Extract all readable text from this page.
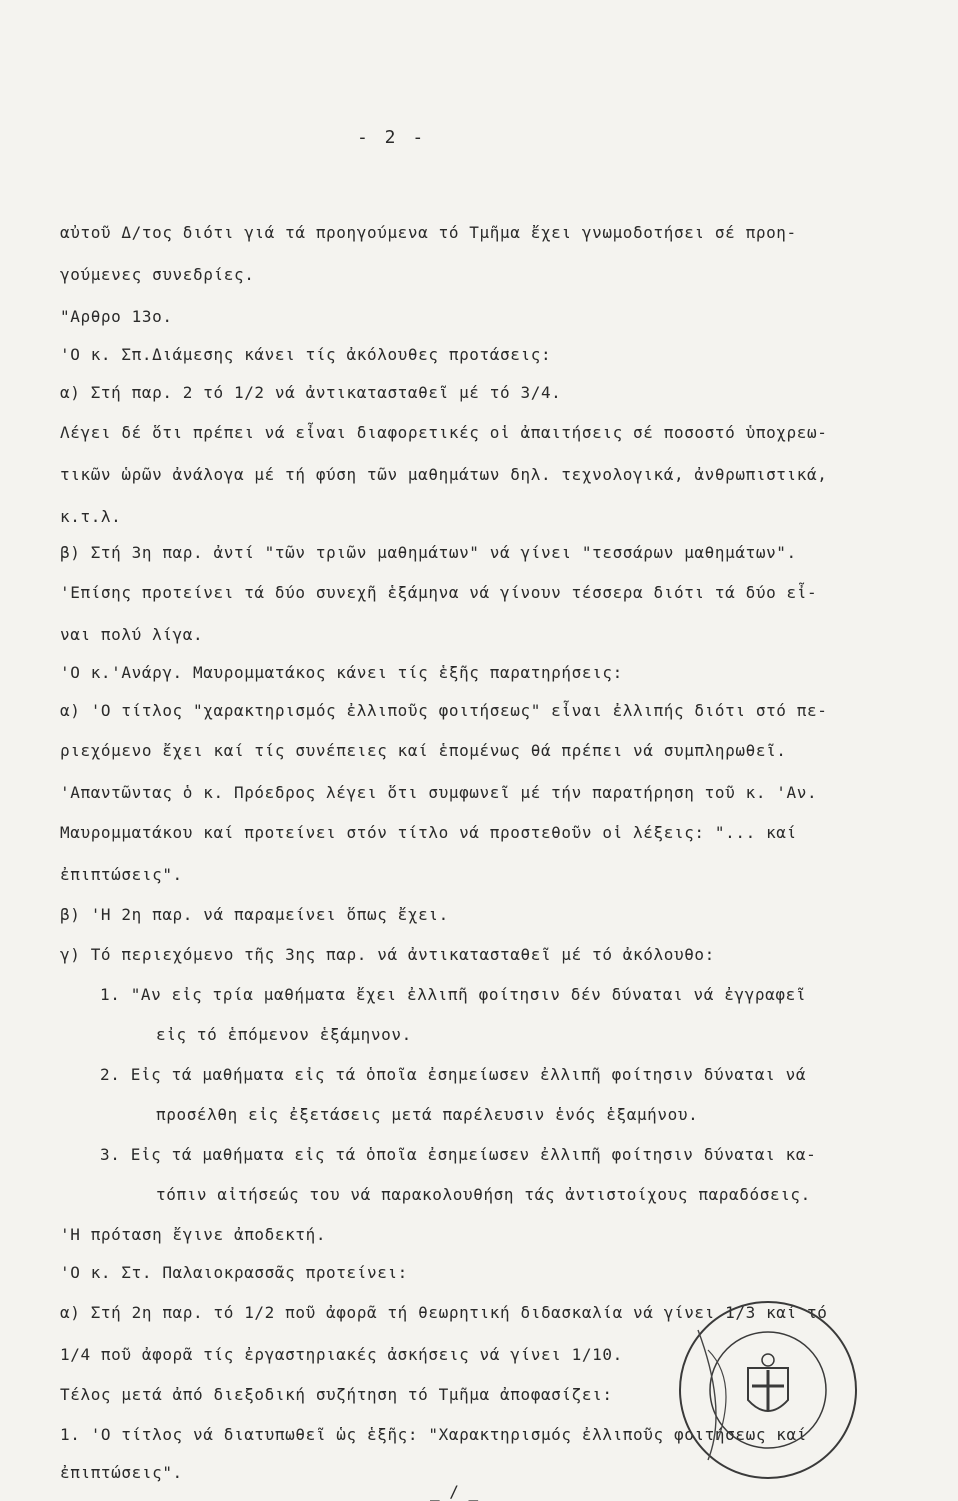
- 2 -
αὐτοῦ Δ/τος διότι γιά τά προηγούμενα τό Τμῆμα ἔχει γνωμοδοτήσει σέ προη-
γούμενες συνεδρίες.
"Αρθρο 13ο.
'Ο κ. Σπ.Διάμεσης κάνει τίς ἀκόλουθες προτάσεις:
α) Στή παρ. 2 τό 1/2 νά ἀντικατασταθεῖ μέ τό 3/4.
Λέγει δέ ὅτι πρέπει νά εἶναι διαφορετικές οἱ ἀπαιτήσεις σέ ποσοστό ὑποχρεω-
τικῶν ὡρῶν ἀνάλογα μέ τή φύση τῶν μαθημάτων δηλ. τεχνολογικά, ἀνθρωπιστικά,
κ.τ.λ.
β) Στή 3η παρ. ἀντί "τῶν τριῶν μαθημάτων" νά γίνει "τεσσάρων μαθημάτων".
'Επίσης προτείνει τά δύο συνεχῆ ἑξάμηνα νά γίνουν τέσσερα διότι τά δύο εἶ-
ναι πολύ λίγα.
'Ο κ.'Ανάργ. Μαυρομματάκος κάνει τίς ἑξῆς παρατηρήσεις:
α) 'Ο τίτλος "χαρακτηρισμός ἐλλιποῦς φοιτήσεως" εἶναι ἐλλιπής διότι στό πε-
ριεχόμενο ἔχει καί τίς συνέπειες καί ἑπομένως θά πρέπει νά συμπληρωθεῖ.
'Απαντῶντας ὁ κ. Πρόεδρος λέγει ὅτι συμφωνεῖ μέ τήν παρατήρηση τοῦ κ. 'Αν.
Μαυρομματάκου καί προτείνει στόν τίτλο νά προστεθοῦν οἱ λέξεις: "... καί
ἐπιπτώσεις".
β) 'Η 2η παρ. νά παραμείνει ὅπως ἔχει.
γ) Τό περιεχόμενο τῆς 3ης παρ. νά ἀντικατασταθεῖ μέ τό ἀκόλουθο:
1. "Αν εἰς τρία μαθήματα ἔχει ἐλλιπῆ φοίτησιν δέν δύναται νά ἐγγραφεῖ
εἰς τό ἑπόμενον ἑξάμηνον.
2. Εἰς τά μαθήματα εἰς τά ὁποῖα ἐσημείωσεν ἐλλιπῆ φοίτησιν δύναται νά
προσέλθη εἰς ἐξετάσεις μετά παρέλευσιν ἑνός ἑξαμήνου.
3. Εἰς τά μαθήματα εἰς τά ὁποῖα ἐσημείωσεν ἐλλιπῆ φοίτησιν δύναται κα-
τόπιν αἰτήσεώς του νά παρακολουθήση τάς ἀντιστοίχους παραδόσεις.
'Η πρόταση ἔγινε ἀποδεκτή.
'Ο κ. Στ. Παλαιοκρασσᾶς προτείνει:
α) Στή 2η παρ. τό 1/2 ποῦ ἀφορᾶ τή θεωρητική διδασκαλία νά γίνει 1/3 καί τό
1/4 ποῦ ἀφορᾶ τίς ἐργαστηριακές ἀσκήσεις νά γίνει 1/10.
Τέλος μετά ἀπό διεξοδική συζήτηση τό Τμῆμα ἀποφασίζει:
1. 'Ο τίτλος νά διατυπωθεῖ ὡς ἑξῆς: "Χαρακτηρισμός ἐλλιποῦς φοιτήσεως καί
ἐπιπτώσεις".
_ / _
